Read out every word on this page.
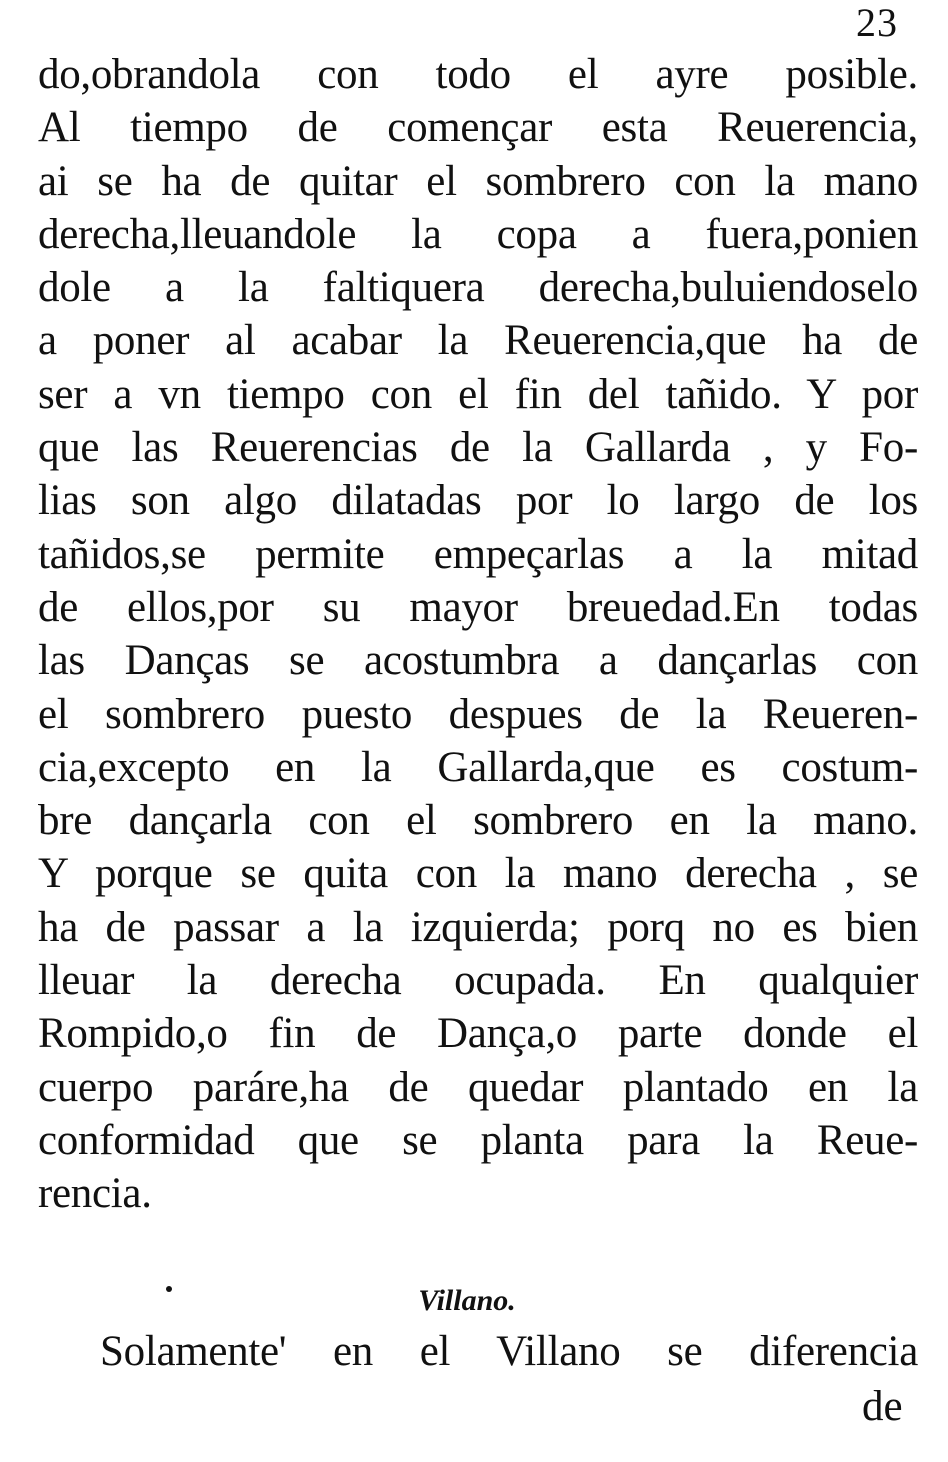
23
do,obrandola con todo el ayre posible.
Al tiempo de començar esta Reuerencia,
ai se ha de quitar el sombrero con la mano
derecha,lleuandole la copa a fuera,ponien
dole a la faltiquera derecha,buluiendoselo
a poner al acabar la Reuerencia,que ha de
ser a vn tiempo con el fin del tañido. Y por
que las Reuerencias de la Gallarda , y Fo-
lias son algo dilatadas por lo largo de los
tañidos,se permite empeçarlas a la mitad
de ellos,por su mayor breuedad.En todas
las Danças se acostumbra a dançarlas con
el sombrero puesto despues de la Reueren-
cia,excepto en la Gallarda,que es costum-
bre dançarla con el sombrero en la mano.
Y porque se quita con la mano derecha , se
ha de passar a la izquierda; porq no es bien
lleuar la derecha ocupada. En qualquier
Rompido,o fin de Dança,o parte donde el
cuerpo paráre,ha de quedar plantado en la
conformidad que se planta para la Reue-
rencia.
Villano.
Solamente' en el Villano se diferencia
de
